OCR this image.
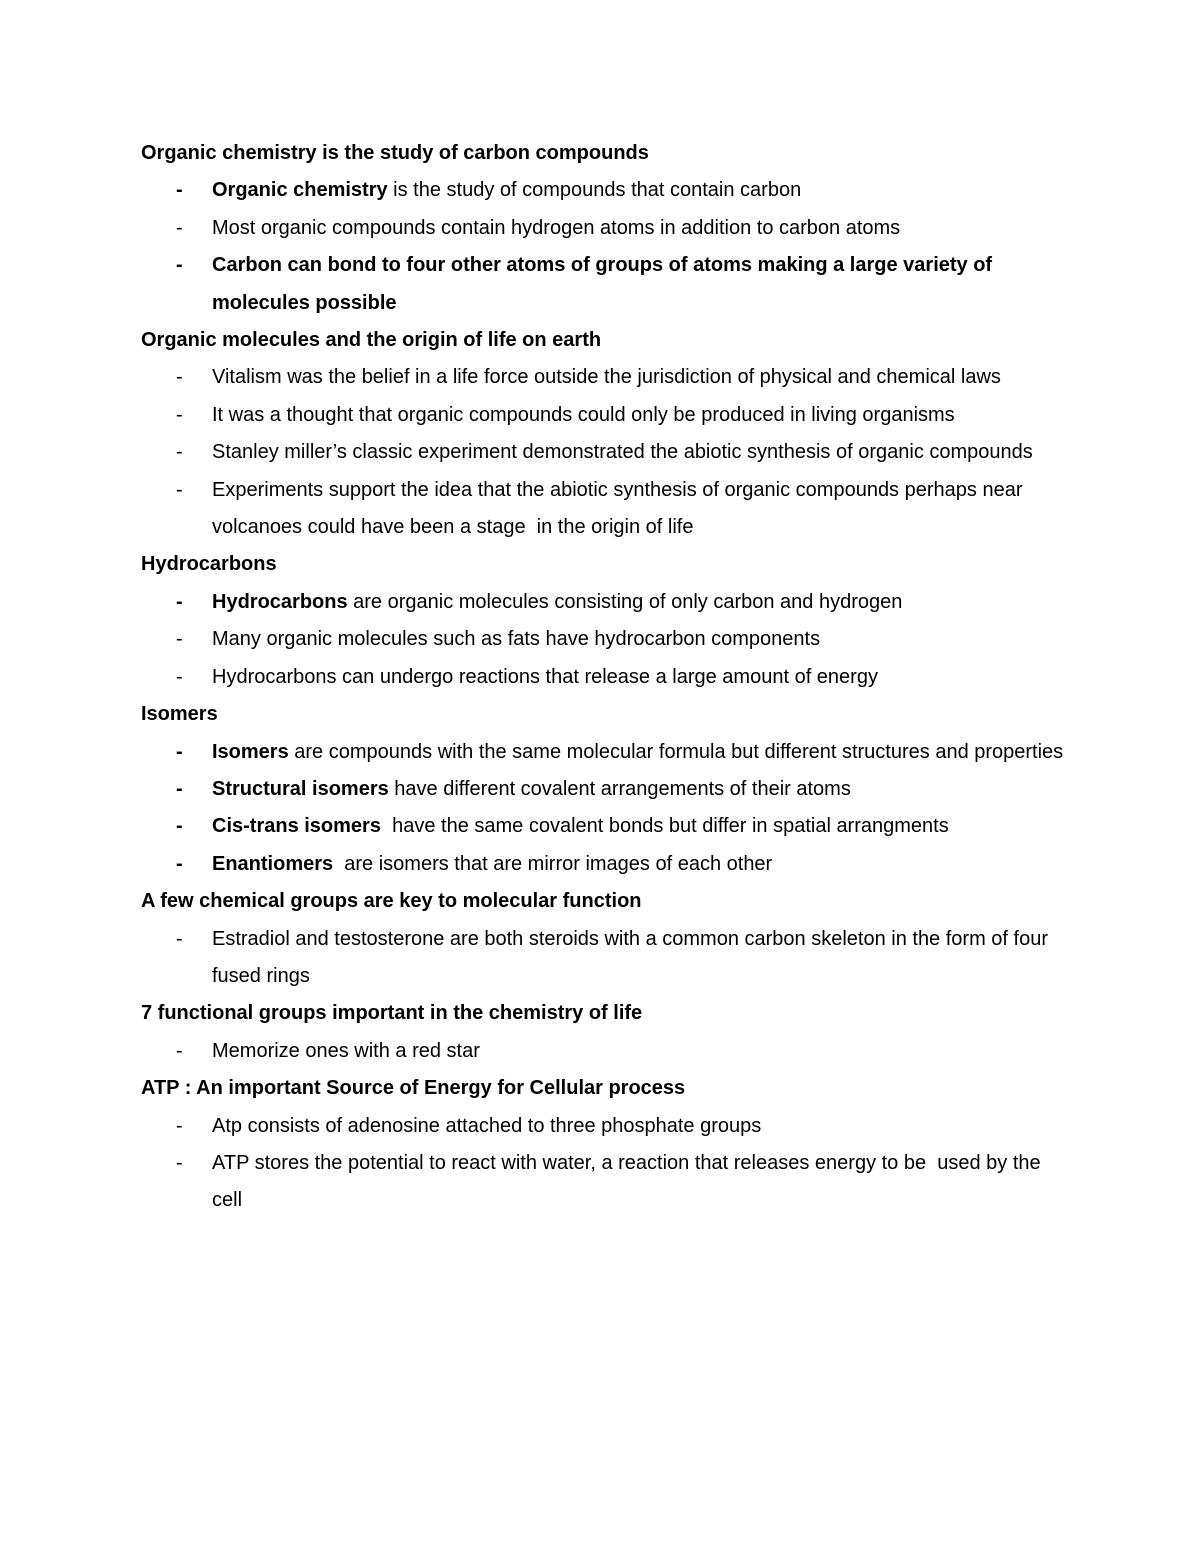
Organic chemistry is the study of carbon compounds
- Organic chemistry is the study of compounds that contain carbon
- Most organic compounds contain hydrogen atoms in addition to carbon atoms
- Carbon can bond to four other atoms of groups of atoms making a large variety of molecules possible
Organic molecules and the origin of life on earth
- Vitalism was the belief in a life force outside the jurisdiction of physical and chemical laws
- It was a thought that organic compounds could only be produced in living organisms
- Stanley miller’s classic experiment demonstrated the abiotic synthesis of organic compounds
- Experiments support the idea that the abiotic synthesis of organic compounds perhaps near volcanoes could have been a stage  in the origin of life
Hydrocarbons
- Hydrocarbons are organic molecules consisting of only carbon and hydrogen
- Many organic molecules such as fats have hydrocarbon components
- Hydrocarbons can undergo reactions that release a large amount of energy
Isomers
- Isomers are compounds with the same molecular formula but different structures and properties
- Structural isomers have different covalent arrangements of their atoms
- Cis-trans isomers  have the same covalent bonds but differ in spatial arrangments
- Enantiomers  are isomers that are mirror images of each other
A few chemical groups are key to molecular function
- Estradiol and testosterone are both steroids with a common carbon skeleton in the form of four fused rings
7 functional groups important in the chemistry of life
- Memorize ones with a red star
ATP : An important Source of Energy for Cellular process
- Atp consists of adenosine attached to three phosphate groups
- ATP stores the potential to react with water, a reaction that releases energy to be  used by the cell
